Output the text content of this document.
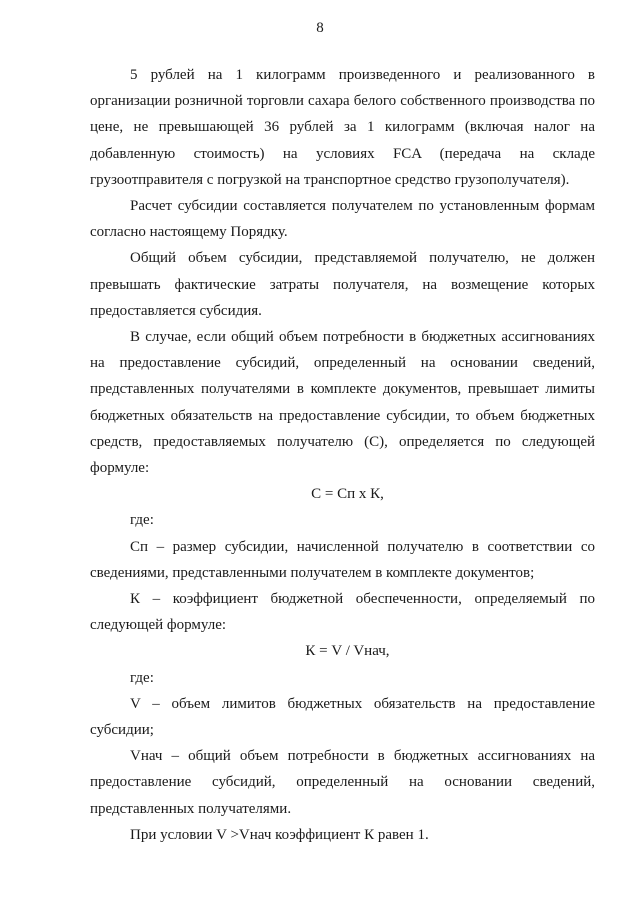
8

5 рублей на 1 килограмм произведенного и реализованного в организации розничной торговли сахара белого собственного производства по цене, не превышающей 36 рублей за 1 килограмм (включая налог на добавленную стоимость) на условиях FCA (передача на складе грузоотправителя с погрузкой на транспортное средство грузополучателя).

Расчет субсидии составляется получателем по установленным формам согласно настоящему Порядку.

Общий объем субсидии, представляемой получателю, не должен превышать фактические затраты получателя, на возмещение которых предоставляется субсидия.

В случае, если общий объем потребности в бюджетных ассигнованиях на предоставление субсидий, определенный на основании сведений, представленных получателями в комплекте документов, превышает лимиты бюджетных обязательств на предоставление субсидии, то объем бюджетных средств, предоставляемых получателю (С), определяется по следующей формуле:

С = Сп х К,

где:

Сп – размер субсидии, начисленной получателю в соответствии со сведениями, представленными получателем в комплекте документов;

К – коэффициент бюджетной обеспеченности, определяемый по следующей формуле:

К = V / Vнач,

где:

V – объем лимитов бюджетных обязательств на предоставление субсидии;

Vнач – общий объем потребности в бюджетных ассигнованиях на предоставление субсидий, определенный на основании сведений, представленных получателями.

При условии V >Vнач коэффициент К равен 1.
